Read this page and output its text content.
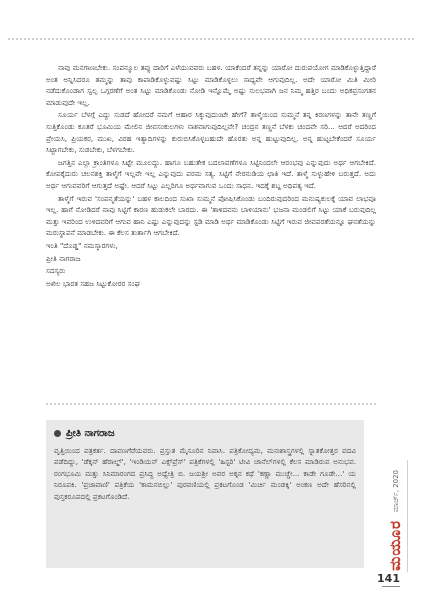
ನಾವು ಮನಗಾಣಬೇಕು. ಸಂಪನ್ಮೂಲ ತಪ್ಪು ದಾರಿಗೆ ಎಳೆಯುವವರು ಬಹಳ. ಯಾಕೆಂದರೆ ತನ್ನನ್ನು ಯಾರೋ ದುರುಪಯೋಗ ಮಾಡಿಕೊಳ್ಳುತ್ತಿದ್ದಾರೆ ಅಂತ ಅನ್ನಿಸಿದರೂ ತಮ್ಮನ್ನು ತಾವು ಕಾಪಾಡಿಕೊಳ್ಳುವಷ್ಟು ಸಿಟ್ಟು ಮಾಡಿಕೊಳ್ಳಲು ಸಾಧ್ಯವೇ ಆಗುವುದಿಲ್ಲ. ಅದೇ ಯಾರೋ ಮಿತಿ ಮೀರಿ ನಡೆದುಕೊಂಡಾಗ ಸ್ವಲ್ಪ ಒಗ್ಗರಣೆಗೆ ಅಂತ ಸಿಟ್ಟು ಮಾಡಿಕೊಂಡು ನೋಡಿ ಇನ್ನೊಮ್ಮೆ ಅಷ್ಟು ಸುಲಭವಾಗಿ ಜನ ನಿಮ್ಮ ಹತ್ತಿರ ಬಂದು ಅಧಿಕಪ್ರಸಂಗತನ ಮಾಡುವುದೇ ಇಲ್ಲ.

ಸೂರ್ಯ ಬೆಳಗ್ಗೆ ಎದ್ದು ಸುಡದೆ ಹೋದರೆ ನಮಗೆ ಆಹಾರ ಸಿಕ್ಕುವುದುಂಟೇ ಹೇಗೆ? ತಾಳ್ಮೆಯಿಂದ ಸುಮ್ಮನೆ ತನ್ನ ಕಿರಣಗಳನ್ನು ತಾನೇ ತಣ್ಣಗೆ ಸುತ್ತಿಕೊಂಡು ಕೂತರೆ ಭೂಮಿಯ ಮೇಲಿನ ಜೀವಸಂಕುಲಗಳು ನಾಶವಾಗುವುದಿಲ್ಲವೇ? ಚಂದ್ರನ ತಣ್ಣನೆ ಬೆಳಕು ಚಂದವೇ ಸರಿ... ಆದರೆ ಅದರಿಂದ ಪ್ರೇಯಸಿ, ಪ್ರಿಯಕರ, ಮುಖ, ವಿರಹ ಇತ್ಯಾದಿಗಳನ್ನು ಕುರುಬಿಸಿಕೊಳ್ಳಬಹುದೇ ಹೊರತು ಅನ್ನ ಹುಟ್ಟುವುದಿಲ್ಲ. ಅನ್ನ ಹುಟ್ಟಬೇಕೆಂದರೆ ಸೂರ್ಯ ಸಿಟ್ಟಾಗಬೇಕು, ಸುಡಬೇಕು, ಬೆಳಗಬೇಕು.

ಜಗತ್ತಿನ ಎಲ್ಲಾ ಕ್ರಾಂತಿಗಳೂ ಸಿಟ್ಟೇ ಮೂಲದ್ದು. ಹಾಗೂ ಬಹುತೇಕ ಬದಲಾವಣೆಗಳೂ ಸಿಟ್ಟಿನಿಂದಲೇ ಆರಂಭವು ಎನ್ನುವುದು ಅರ್ಥ ಆಗಬೇಕಿದೆ. ಕೋಪಕ್ಕೆದುರು ಚಲನಶಕ್ತಿ ತಾಳ್ಮೆಗೆ ಇಲ್ಲವೇ ಇಲ್ಲ ಎನ್ನುವುದು ಪರಮ ಸತ್ಯ. ಸಿಟ್ಟಿಗೆ ನೇರನುಡಿಯ ಛಾತಿ ಇದೆ. ತಾಳ್ಮೆ ಸುಳ್ಳುಹೇಳಿ ಬರುತ್ತದೆ. ಅದು ಅರ್ಥ ಆಗುವವರಿಗೆ ಆಗುತ್ತದೆ ಅಷ್ಟೇ. ಆದರೆ ಸಿಟ್ಟು ಎಲ್ಲರಿಗೂ ಅರ್ಥವಾಗುವ ಒಂದು ಸಾಧನ. ಇದಕ್ಕೆ ಶಬ್ದ ಅಧಿಪತ್ಯ ಇದೆ.

ತಾಳ್ಮೆಗೆ ಇರುವ 'ಸಂಪನ್ಮತೆಯನ್ನು' ಬಹಳ ಕಾಲದಿಂದ ಸುಖಾ ಸುಮ್ಮನೆ ಪೋಷಿಸಿಕೊಂಡು ಬಂದಿರುವುದರಿಂದ ಮನುಷ್ಯಕುಲಕ್ಕೆ ಯಾವ ಲಾಭವೂ ಇಲ್ಲ. ಹಾಗೆ ನೋಡಿದರೆ ನಾವು ಸಿಟ್ಟಿಗೆ ಕಾರಣ ಹುಡುಕಲೇ ಬಾರದು. ಈ 'ತಾಳಿದವನು ಬಾಳಿಯಾನು' ಭಜನಾ ಮಂಡಲಿಗೆ ಸಿಟ್ಟು ಯಾಕೆ ಬರುವುದಿಲ್ಲ ಮತ್ತು ಇವರಿಂದ ಉಳಿದವರಿಗೆ ಆಗುವ ಹಾನಿ ಎಷ್ಟು ಎನ್ನುವುದನ್ನು ಸ್ಟಡಿ ಮಾಡಿ ಅರ್ಥ ಮಾಡಿಕೊಂಡು ಸಿಟ್ಟಿಗೆ ಇರುವ ಜೀವಪರತೆಯನ್ನೂ ಘನತೆಯನ್ನು ಮರುಸ್ಥಾಪನೆ ಮಾಡಬೇಕು. ಈ ಕೆಲಸ ತುರ್ತಾಗಿ ಆಗಬೇಕಿದೆ.

ಇಂತಿ "ದೊಡ್ಡ" ನಮಸ್ಕಾರಗಳು,

ಪ್ರೀತಿ ನಾಗರಾಜ

ಸದಸ್ಯರು

ಅಖಿಲ ಭಾರತ ಸಹಜ ಸಿಟ್ಟುಕೋರರ ಸಂಘ

ಪ್ರೀತಿ ನಾಗರಾಜ
ವೃತ್ತಿಯಿಂದ ಪತ್ರಕರ್ತ. ದಾವಣಗೆರೆಯವರು. ಪ್ರಸ್ತುತ ಮೈಸೂರಿನ ನಿವಾಸಿ. ಪತ್ರಿಕೋದ್ಯಮ, ಮನಃಶಾಸ್ತ್ರಗಳಲ್ಲಿ ಸ್ನಾತಕೋತ್ತರ ಪದವಿ ಪಡೆದಿದ್ದು, 'ಡೆಕ್ಕನ್ ಹೆರಾಲ್ಡ್', 'ಇಂಡಿಯನ್ ಎಕ್ಸ್‌ಪ್ರೆಸ್' ಪತ್ರಿಕೆಗಳಲ್ಲಿ 'ಹಿಸ್ಟರಿ' ಟೀವಿ ಚಾನೆಲ್‌ಗಳಲ್ಲಿ ಕೆಲಸ ಮಾಡಿರುವ ಅನುಭವ. ರಂಗಭೂಮಿ ಮತ್ತು ಸಿನಿಮಾರಂಗದ ಪ್ರಸಿದ್ಧ ಅಧ್ಯೇತ್ರಿ ಬಿ. ಜಯಶ್ರೀ ಅವರ ಅಕ್ಕನ ಕಥೆ 'ಕಣ್ಣಾ ಮುಚ್ಚೇ... ಕಾಡೇ ಗೂಡೇ...' ಯ ನಿರೂಪಕಿ. 'ಪ್ರಜಾವಾಣಿ' ಪತ್ರಿಕೆಯ 'ಕಾಮನಬಿಲ್ಲು' ಪುರವಣಿಯಲ್ಲಿ ಪ್ರಕಟಗೊಂಡ 'ಮಿರ್ಚಿ ಮಂಡಕ್ಕಿ' ಅಂಕಣ ಅದೇ ಹೆಸರಿನಲ್ಲಿ ಪುಸ್ತಕರೂಪದಲ್ಲಿ ಪ್ರಕಟಗೊಂಡಿದೆ.	ಮಾರ್ಚ್, 2020
ಮಯೂರ
141
